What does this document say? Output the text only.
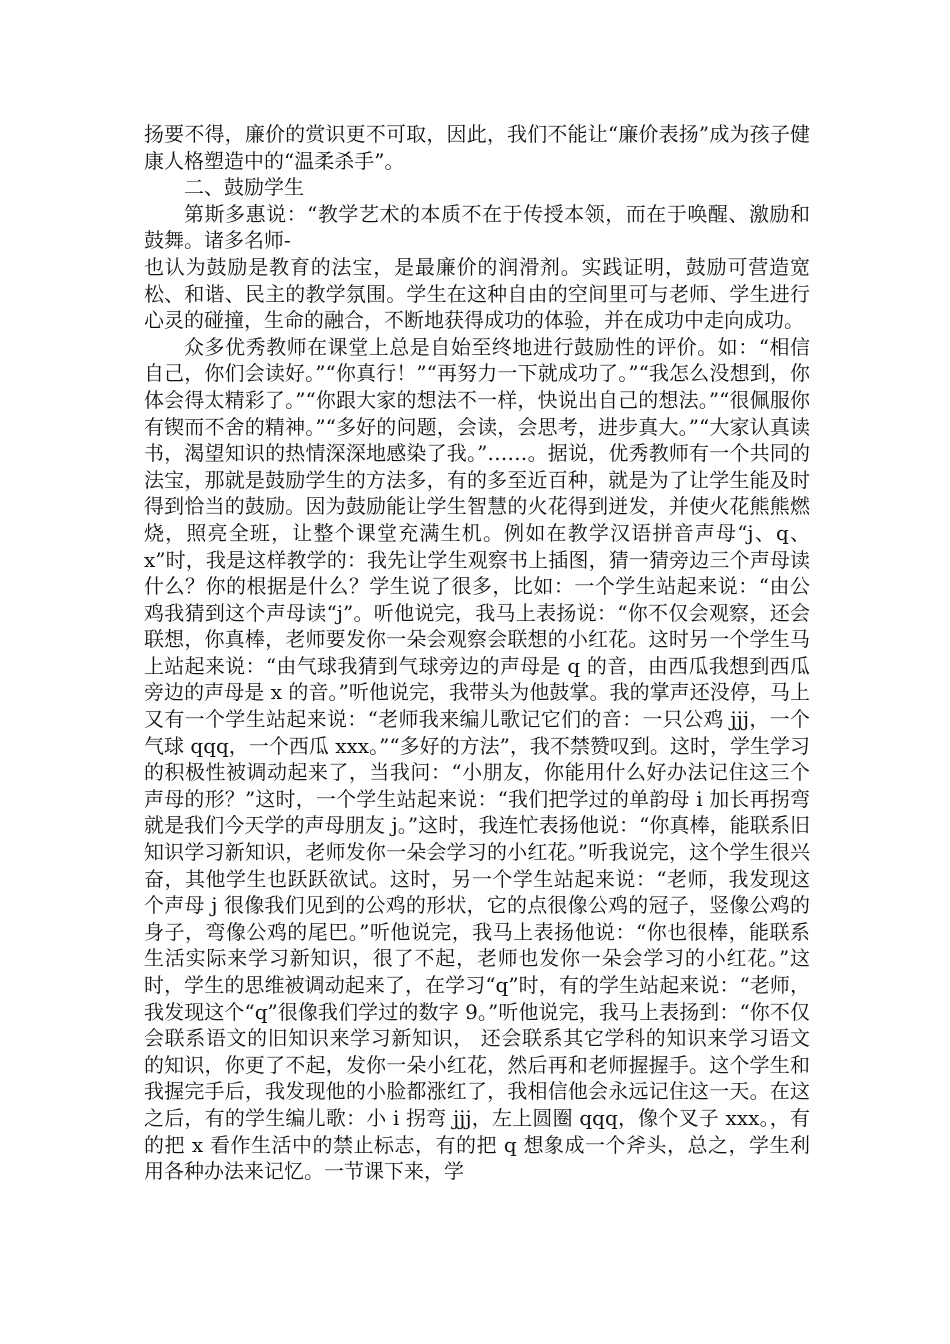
扬要不得，廉价的赏识更不可取，因此，我们不能让“廉价表扬”成为孩子健康人格塑造中的“温柔杀手”。

二、鼓励学生

第斯多惠说：“教学艺术的本质不在于传授本领，而在于唤醒、激励和鼓舞。诸多名师-

也认为鼓励是教育的法宝，是最廉价的润滑剂。实践证明，鼓励可营造宽松、和谐、民主的教学氛围。学生在这种自由的空间里可与老师、学生进行心灵的碰撞，生命的融合，不断地获得成功的体验，并在成功中走向成功。

众多优秀教师在课堂上总是自始至终地进行鼓励性的评价。如：“相信自己，你们会读好。”“你真行！”“再努力一下就成功了。”“我怎么没想到，你体会得太精彩了。”“你跟大家的想法不一样，快说出自己的想法。”“很佩服你有锲而不舍的精神。”“多好的问题，会读，会思考，进步真大。”“大家认真读书，渴望知识的热情深深地感染了我。”……。据说，优秀教师有一个共同的法宝，那就是鼓励学生的方法多，有的多至近百种，就是为了让学生能及时得到恰当的鼓励。因为鼓励能让学生智慧的火花得到迸发，并使火花熊熊燃烧，照亮全班，让整个课堂充满生机。例如在教学汉语拼音声母“j、q、x”时，我是这样教学的：我先让学生观察书上插图，猜一猜旁边三个声母读什么？你的根据是什么？学生说了很多，比如：一个学生站起来说：“由公鸡我猜到这个声母读“j”。听他说完，我马上表扬说：“你不仅会观察，还会联想，你真棒，老师要发你一朵会观察会联想的小红花。这时另一个学生马上站起来说：“由气球我猜到气球旁边的声母是 q 的音，由西瓜我想到西瓜旁边的声母是 x 的音。”听他说完，我带头为他鼓掌。我的掌声还没停，马上又有一个学生站起来说：“老师我来编儿歌记它们的音：一只公鸡 jjj，一个气球 qqq，一个西瓜 xxx。”“多好的方法”，我不禁赞叹到。这时，学生学习的积极性被调动起来了，当我问：“小朋友，你能用什么好办法记住这三个声母的形？”这时，一个学生站起来说：“我们把学过的单韵母 i 加长再拐弯就是我们今天学的声母朋友 j。”这时，我连忙表扬他说：“你真棒，能联系旧知识学习新知识，老师发你一朵会学习的小红花。”听我说完，这个学生很兴奋，其他学生也跃跃欲试。这时，另一个学生站起来说：“老师，我发现这个声母 j 很像我们见到的公鸡的形状，它的点很像公鸡的冠子，竖像公鸡的身子，弯像公鸡的尾巴。”听他说完，我马上表扬他说：“你也很棒，能联系生活实际来学习新知识，很了不起，老师也发你一朵会学习的小红花。”这时，学生的思维被调动起来了，在学习“q”时，有的学生站起来说：“老师，我发现这个“q”很像我们学过的数字 9。”听他说完，我马上表扬到：“你不仅会联系语文的旧知识来学习新知识， 还会联系其它学科的知识来学习语文的知识，你更了不起，发你一朵小红花，然后再和老师握握手。这个学生和我握完手后，我发现他的小脸都涨红了，我相信他会永远记住这一天。在这之后，有的学生编儿歌：小 i 拐弯 jjj，左上圆圈 qqq，像个叉子 xxx。，有的把 x 看作生活中的禁止标志，有的把 q 想象成一个斧头，总之，学生利用各种办法来记忆。一节课下来，学
